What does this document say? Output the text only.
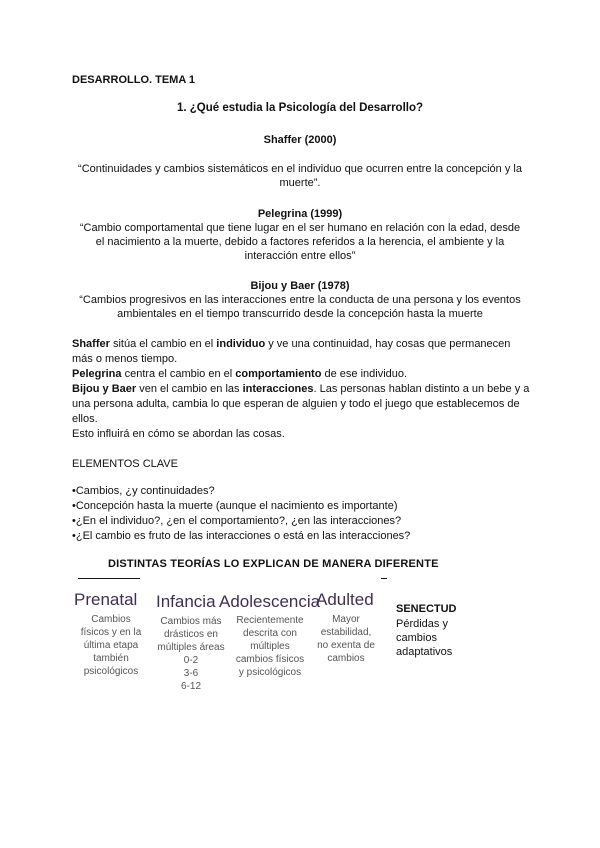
DESARROLLO. TEMA 1
1. ¿Qué estudia la Psicología del Desarrollo?
Shaffer (2000)
“Continuidades y cambios sistemáticos en el individuo que ocurren entre la concepción y la
muerte”.
Pelegrina (1999)
“Cambio comportamental que tiene lugar en el ser humano en relación con la edad, desde
el nacimiento a la muerte, debido a factores referidos a la herencia, el ambiente y la
interacción entre ellos”
Bijou y Baer (1978)
“Cambios progresivos en las interacciones entre la conducta de una persona y los eventos
ambientales en el tiempo transcurrido desde la concepción hasta la muerte
Shaffer sitúa el cambio en el individuo y ve una continuidad, hay cosas que permanecen más o menos tiempo.
Pelegrina centra el cambio en el comportamiento de ese individuo.
Bijou y Baer ven el cambio en las interacciones. Las personas hablan distinto a un bebe y a una persona adulta, cambia lo que esperan de alguien y todo el juego que establecemos de ellos.
Esto influirá en cómo se abordan las cosas.
ELEMENTOS CLAVE
•Cambios, ¿y continuidades?
•Concepción hasta la muerte (aunque el nacimiento es importante)
•¿En el individuo?, ¿en el comportamiento?, ¿en las interacciones?
•¿El cambio es fruto de las interacciones o está en las interacciones?
DISTINTAS TEORÍAS LO EXPLICAN DE MANERA DIFERENTE
Prenatal
Cambios
físicos y en la
última etapa
también
psicológicos
Infancia
Cambios más
drásticos en
múltiples áreas
0-2
3-6
6-12
Adolescencia
Recientemente
descrita con
múltiples
cambios físicos
y psicológicos
Adulted
Mayor
estabilidad,
no exenta de
cambios
SENECTUD
Pérdidas y
cambios
adaptativos
